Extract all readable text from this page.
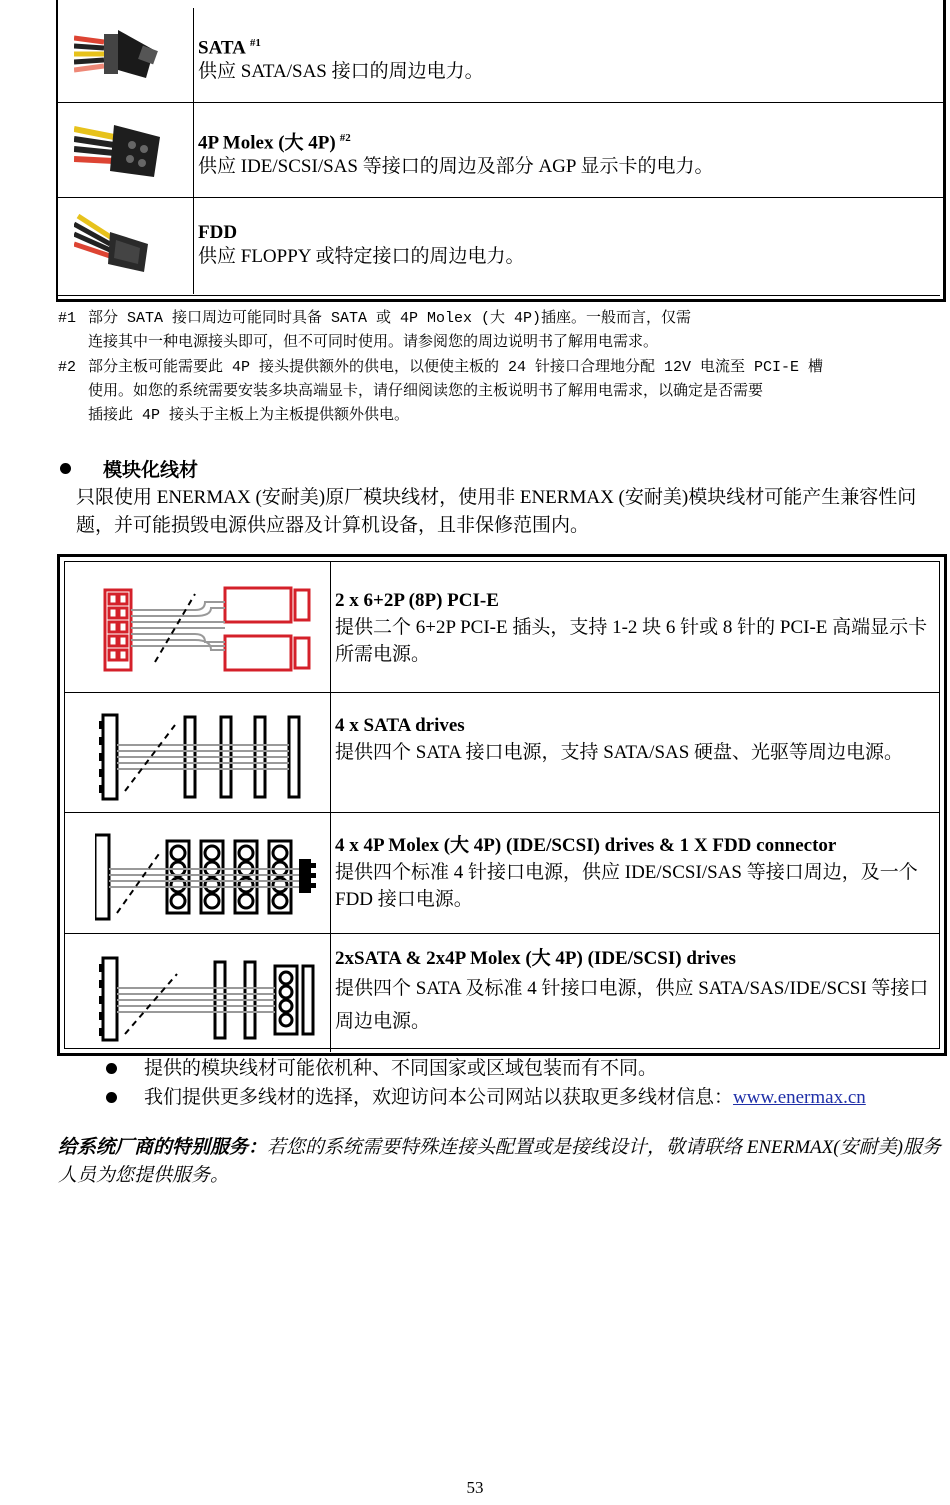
SATA $^{\#1}$
供应 SATA/SAS 接口的周边电力。
4P Molex (大 4P) $^{\#2}$
供应 IDE/SCSI/SAS 等接口的周边及部分 AGP 显示卡的电力。
FDD
供应 FLOPPY 或特定接口的周边电力。
#1 部分 SATA 接口周边可能同时具备 SATA 或 4P Molex (大 4P)插座。一般而言，仅需
连接其中一种电源接头即可，但不可同时使用。请参阅您的周边说明书了解用电需求。
#2 部分主板可能需要此 4P 接头提供额外的供电，以便使主板的 24 针接口合理地分配 12V 电流至 PCI-E 槽
使用。如您的系统需要安装多块高端显卡，请仔细阅读您的主板说明书了解用电需求，以确定是否需要
插接此 4P 接头于主板上为主板提供额外供电。
模块化线材
只限使用 ENERMAX (安耐美)原厂模块线材，使用非 ENERMAX (安耐美)模块线材可能产生兼容性问题，并可能损毁电源供应器及计算机设备，且非保修范围内。
2 x 6+2P (8P) PCI-E
提供二个 6+2P PCI-E 插头，支持 1-2 块 6 针或 8 针的 PCI-E 高端显示卡所需电源。
4 x SATA drives
提供四个 SATA 接口电源，支持 SATA/SAS 硬盘、光驱等周边电源。
4 x 4P Molex (大 4P) (IDE/SCSI) drives & 1 X FDD connector
提供四个标准 4 针接口电源，供应 IDE/SCSI/SAS 等接口周边，及一个 FDD 接口电源。
2xSATA & 2x4P Molex (大 4P) (IDE/SCSI) drives
提供四个 SATA 及标准 4 针接口电源，供应 SATA/SAS/IDE/SCSI 等接口周边电源。
提供的模块线材可能依机种、不同国家或区域包装而有不同。
我们提供更多线材的选择，欢迎访问本公司网站以获取更多线材信息：www.enermax.cn
给系统厂商的特别服务：若您的系统需要特殊连接头配置或是接线设计，敬请联络 ENERMAX(安耐美)服务人员为您提供服务。
53
